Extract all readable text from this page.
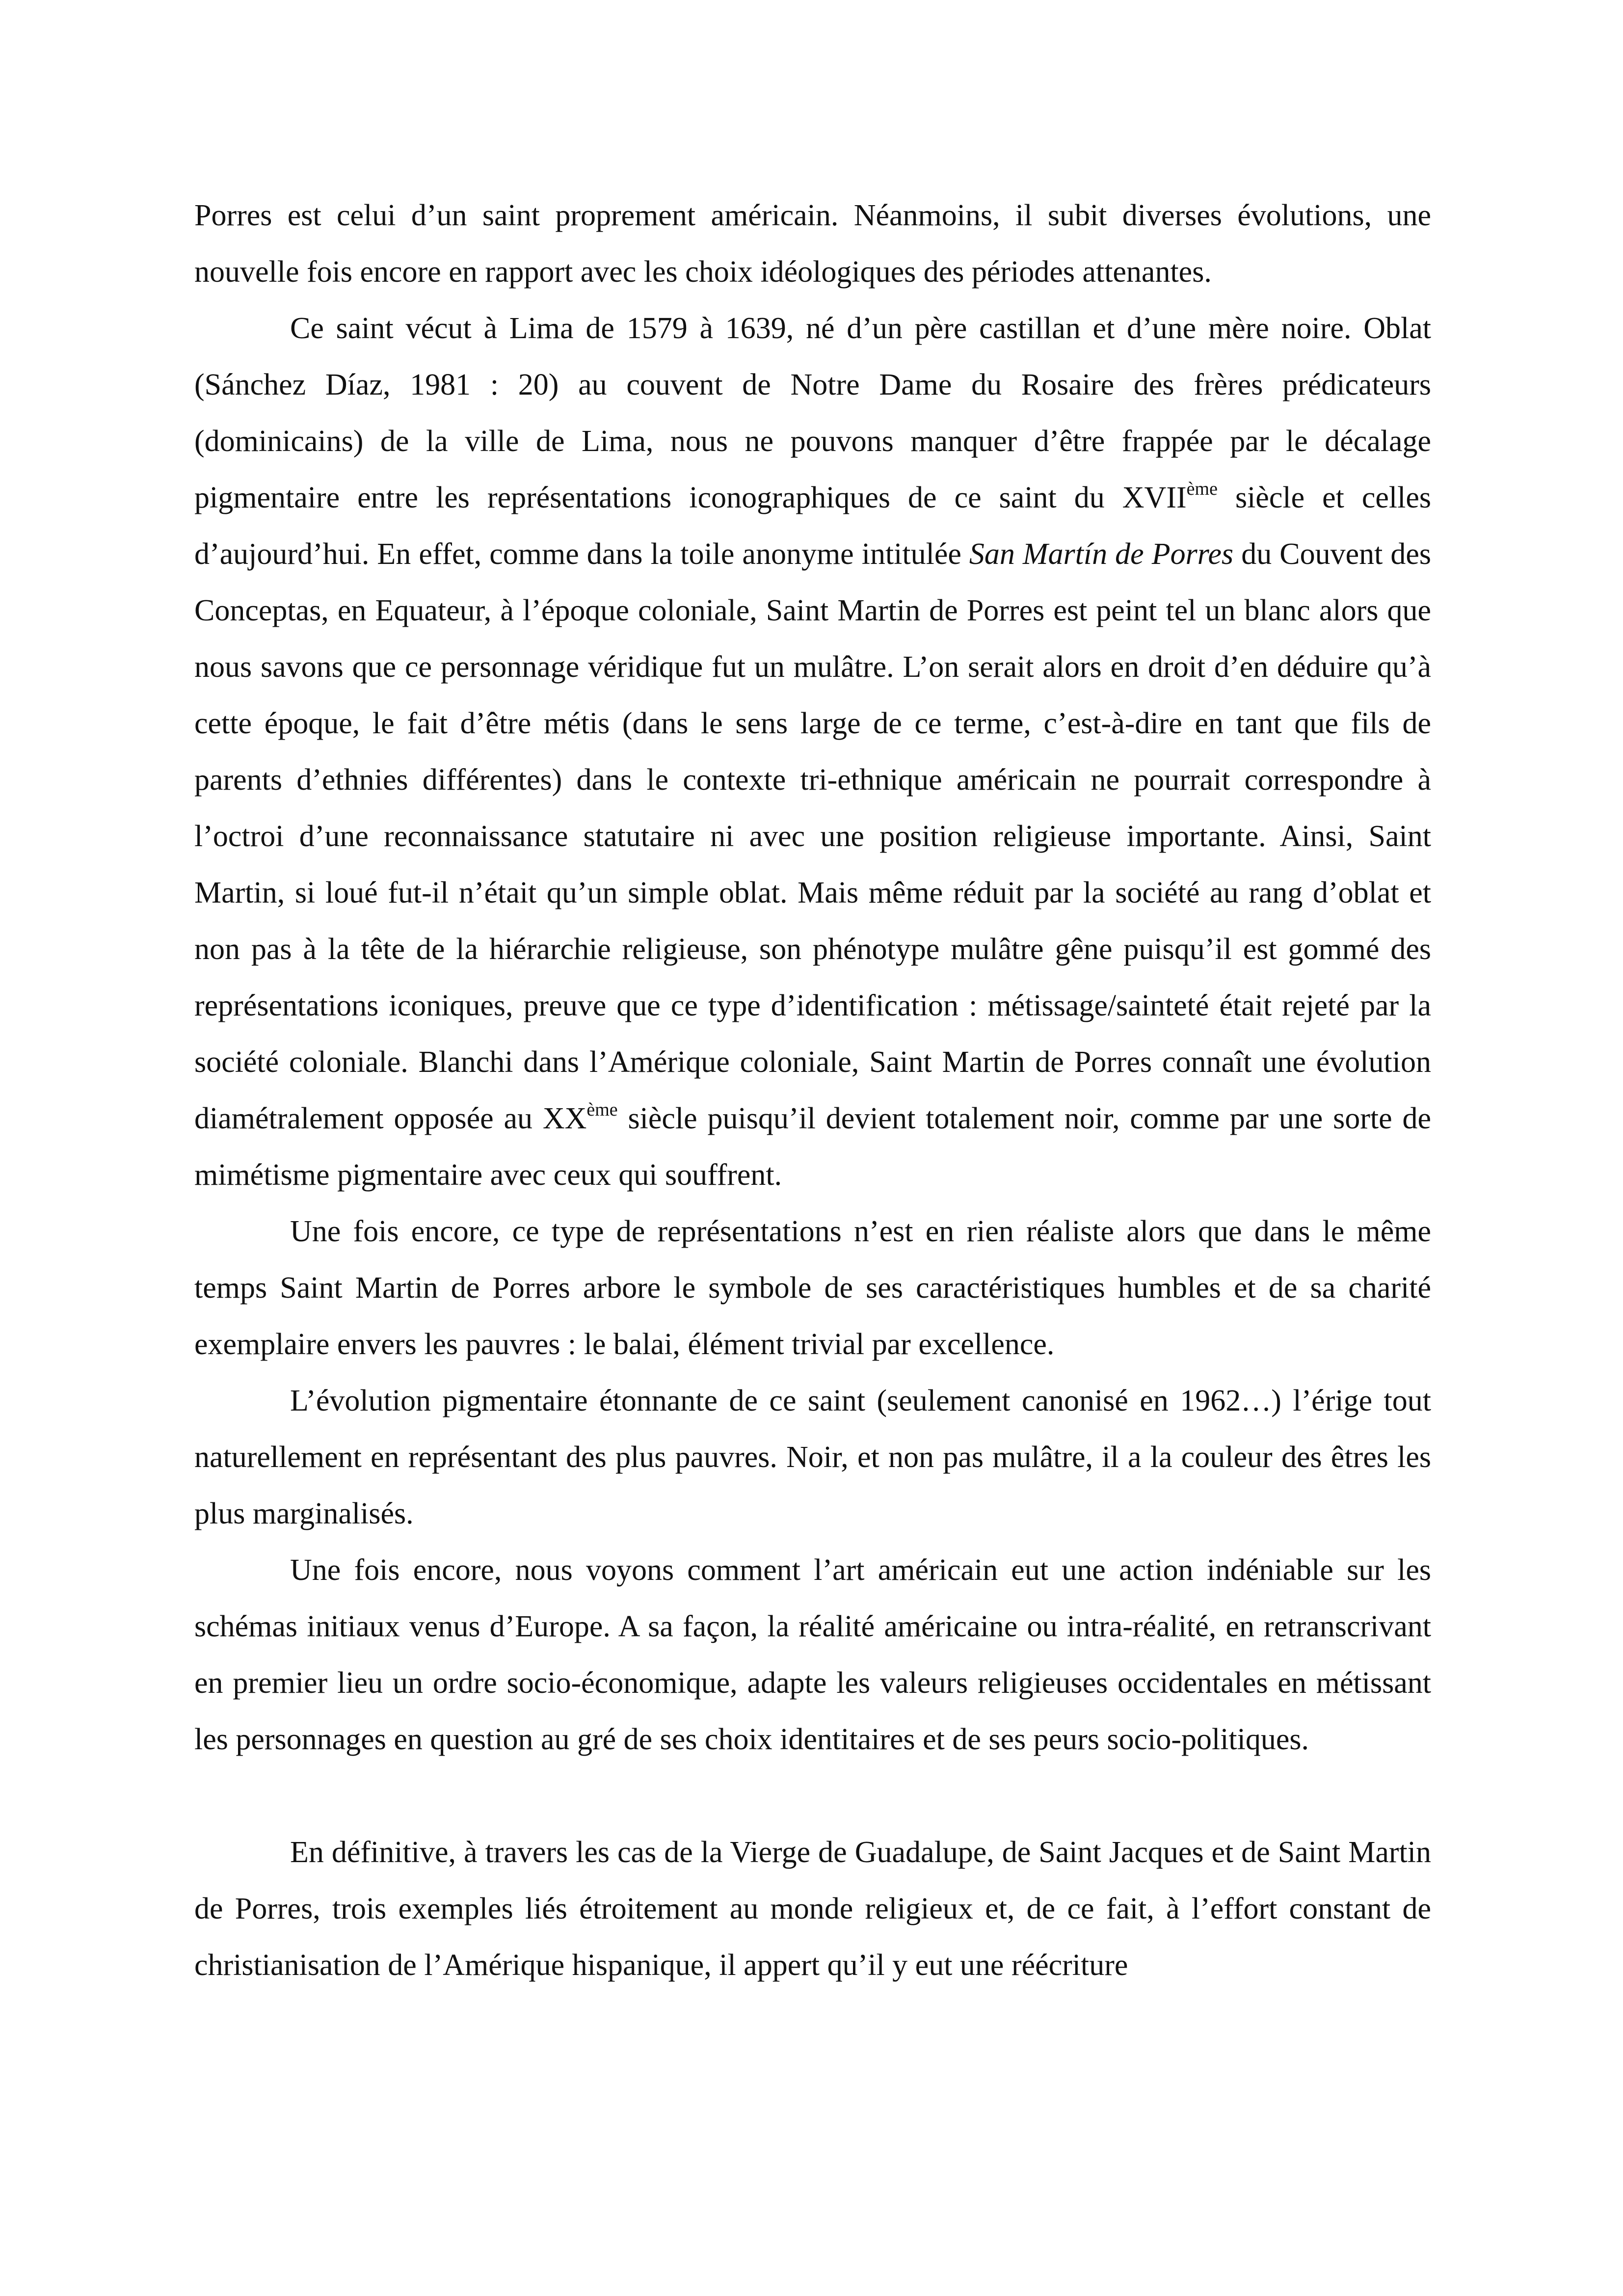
Porres est celui d’un saint proprement américain. Néanmoins, il subit diverses évolutions, une nouvelle fois encore en rapport avec les choix idéologiques des périodes attenantes.

Ce saint vécut à Lima de 1579 à 1639, né d’un père castillan et d’une mère noire. Oblat (Sánchez Díaz, 1981 : 20) au couvent de Notre Dame du Rosaire des frères prédicateurs (dominicains) de la ville de Lima, nous ne pouvons manquer d’être frappée par le décalage pigmentaire entre les représentations iconographiques de ce saint du XVIIème siècle et celles d’aujourd’hui. En effet, comme dans la toile anonyme intitulée San Martín de Porres du Couvent des Conceptas, en Equateur, à l’époque coloniale, Saint Martin de Porres est peint tel un blanc alors que nous savons que ce personnage véridique fut un mulâtre. L’on serait alors en droit d’en déduire qu’à cette époque, le fait d’être métis (dans le sens large de ce terme, c’est-à-dire en tant que fils de parents d’ethnies différentes) dans le contexte tri-ethnique américain ne pourrait correspondre à l’octroi d’une reconnaissance statutaire ni avec une position religieuse importante. Ainsi, Saint Martin, si loué fut-il n’était qu’un simple oblat. Mais même réduit par la société au rang d’oblat et non pas à la tête de la hiérarchie religieuse, son phénotype mulâtre gêne puisqu’il est gommé des représentations iconiques, preuve que ce type d’identification : métissage/sainteté était rejeté par la société coloniale. Blanchi dans l’Amérique coloniale, Saint Martin de Porres connaît une évolution diamétralement opposée au XXème siècle puisqu’il devient totalement noir, comme par une sorte de mimétisme pigmentaire avec ceux qui souffrent.

Une fois encore, ce type de représentations n’est en rien réaliste alors que dans le même temps Saint Martin de Porres arbore le symbole de ses caractéristiques humbles et de sa charité exemplaire envers les pauvres : le balai, élément trivial par excellence.

L’évolution pigmentaire étonnante de ce saint (seulement canonisé en 1962…) l’érige tout naturellement en représentant des plus pauvres. Noir, et non pas mulâtre, il a la couleur des êtres les plus marginalisés.

Une fois encore, nous voyons comment l’art américain eut une action indéniable sur les schémas initiaux venus d’Europe. A sa façon, la réalité américaine ou intra-réalité, en retranscrivant en premier lieu un ordre socio-économique, adapte les valeurs religieuses occidentales en métissant les personnages en question au gré de ses choix identitaires et de ses peurs socio-politiques.

En définitive, à travers les cas de la Vierge de Guadalupe, de Saint Jacques et de Saint Martin de Porres, trois exemples liés étroitement au monde religieux et, de ce fait, à l’effort constant de christianisation de l’Amérique hispanique, il appert qu’il y eut une réécriture
